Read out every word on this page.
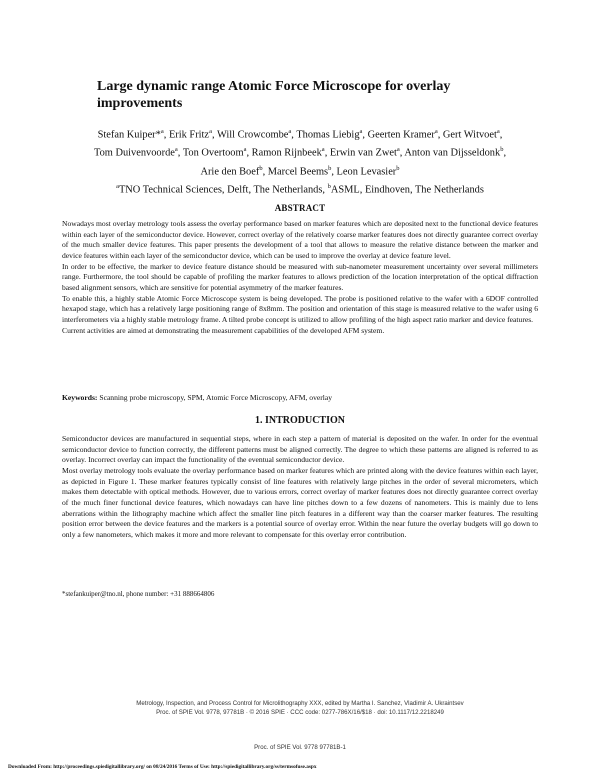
Large dynamic range Atomic Force Microscope for overlay improvements
Stefan Kuiper*$^a$, Erik Fritz$^a$, Will Crowcombe$^a$, Thomas Liebig$^a$, Geerten Kramer$^a$, Gert Witvoet$^a$,
Tom Duivenvoorde$^a$, Ton Overtoom$^a$, Ramon Rijnbeek$^a$, Erwin van Zwet$^a$, Anton van Dijsseldonk$^b$,
Arie den Boef$^b$, Marcel Beems$^b$, Leon Levasier$^b$
$^a$TNO Technical Sciences, Delft, The Netherlands, $^b$ASML, Eindhoven, The Netherlands
ABSTRACT

Nowadays most overlay metrology tools assess the overlay performance based on marker features which are deposited next to the functional device features within each layer of the semiconductor device. However, correct overlay of the relatively coarse marker features does not directly guarantee correct overlay of the much smaller device features. This paper presents the development of a tool that allows to measure the relative distance between the marker and device features within each layer of the semiconductor device, which can be used to improve the overlay at device feature level.

In order to be effective, the marker to device feature distance should be measured with sub-nanometer measurement uncertainty over several millimeters range. Furthermore, the tool should be capable of profiling the marker features to allows prediction of the location interpretation of the optical diffraction based alignment sensors, which are sensitive for potential asymmetry of the marker features.

To enable this, a highly stable Atomic Force Microscope system is being developed. The probe is positioned relative to the wafer with a 6DOF controlled hexapod stage, which has a relatively large positioning range of 8x8mm. The position and orientation of this stage is measured relative to the wafer using 6 interferometers via a highly stable metrology frame. A tilted probe concept is utilized to allow profiling of the high aspect ratio marker and device features.

Current activities are aimed at demonstrating the measurement capabilities of the developed AFM system.

Keywords: Scanning probe microscopy, SPM, Atomic Force Microscopy, AFM, overlay
1. INTRODUCTION

Semiconductor devices are manufactured in sequential steps, where in each step a pattern of material is deposited on the wafer. In order for the eventual semiconductor device to function correctly, the different patterns must be aligned correctly. The degree to which these patterns are aligned is referred to as overlay. Incorrect overlay can impact the functionality of the eventual semiconductor device.

Most overlay metrology tools evaluate the overlay performance based on marker features which are printed along with the device features within each layer, as depicted in Figure 1. These marker features typically consist of line features with relatively large pitches in the order of several micrometers, which makes them detectable with optical methods. However, due to various errors, correct overlay of marker features does not directly guarantee correct overlay of the much finer functional device features, which nowadays can have line pitches down to a few dozens of nanometers. This is mainly due to lens aberrations within the lithography machine which affect the smaller line pitch features in a different way than the coarser marker features. The resulting position error between the device features and the markers is a potential source of overlay error. Within the near future the overlay budgets will go down to only a few nanometers, which makes it more and more relevant to compensate for this overlay error contribution.

*stefankuiper@tno.nl, phone number: +31 888664806
Metrology, Inspection, and Process Control for Microlithography XXX, edited by Martha I. Sanchez, Vladimir A. Ukraintsev
Proc. of SPIE Vol. 9778, 97781B · © 2016 SPIE · CCC code: 0277-786X/16/$18 · doi: 10.1117/12.2218249
Proc. of SPIE Vol. 9778 97781B-1
Downloaded From: http://proceedings.spiedigitallibrary.org/ on 08/24/2016 Terms of Use: http://spiedigitallibrary.org/ss/termsofuse.aspx
